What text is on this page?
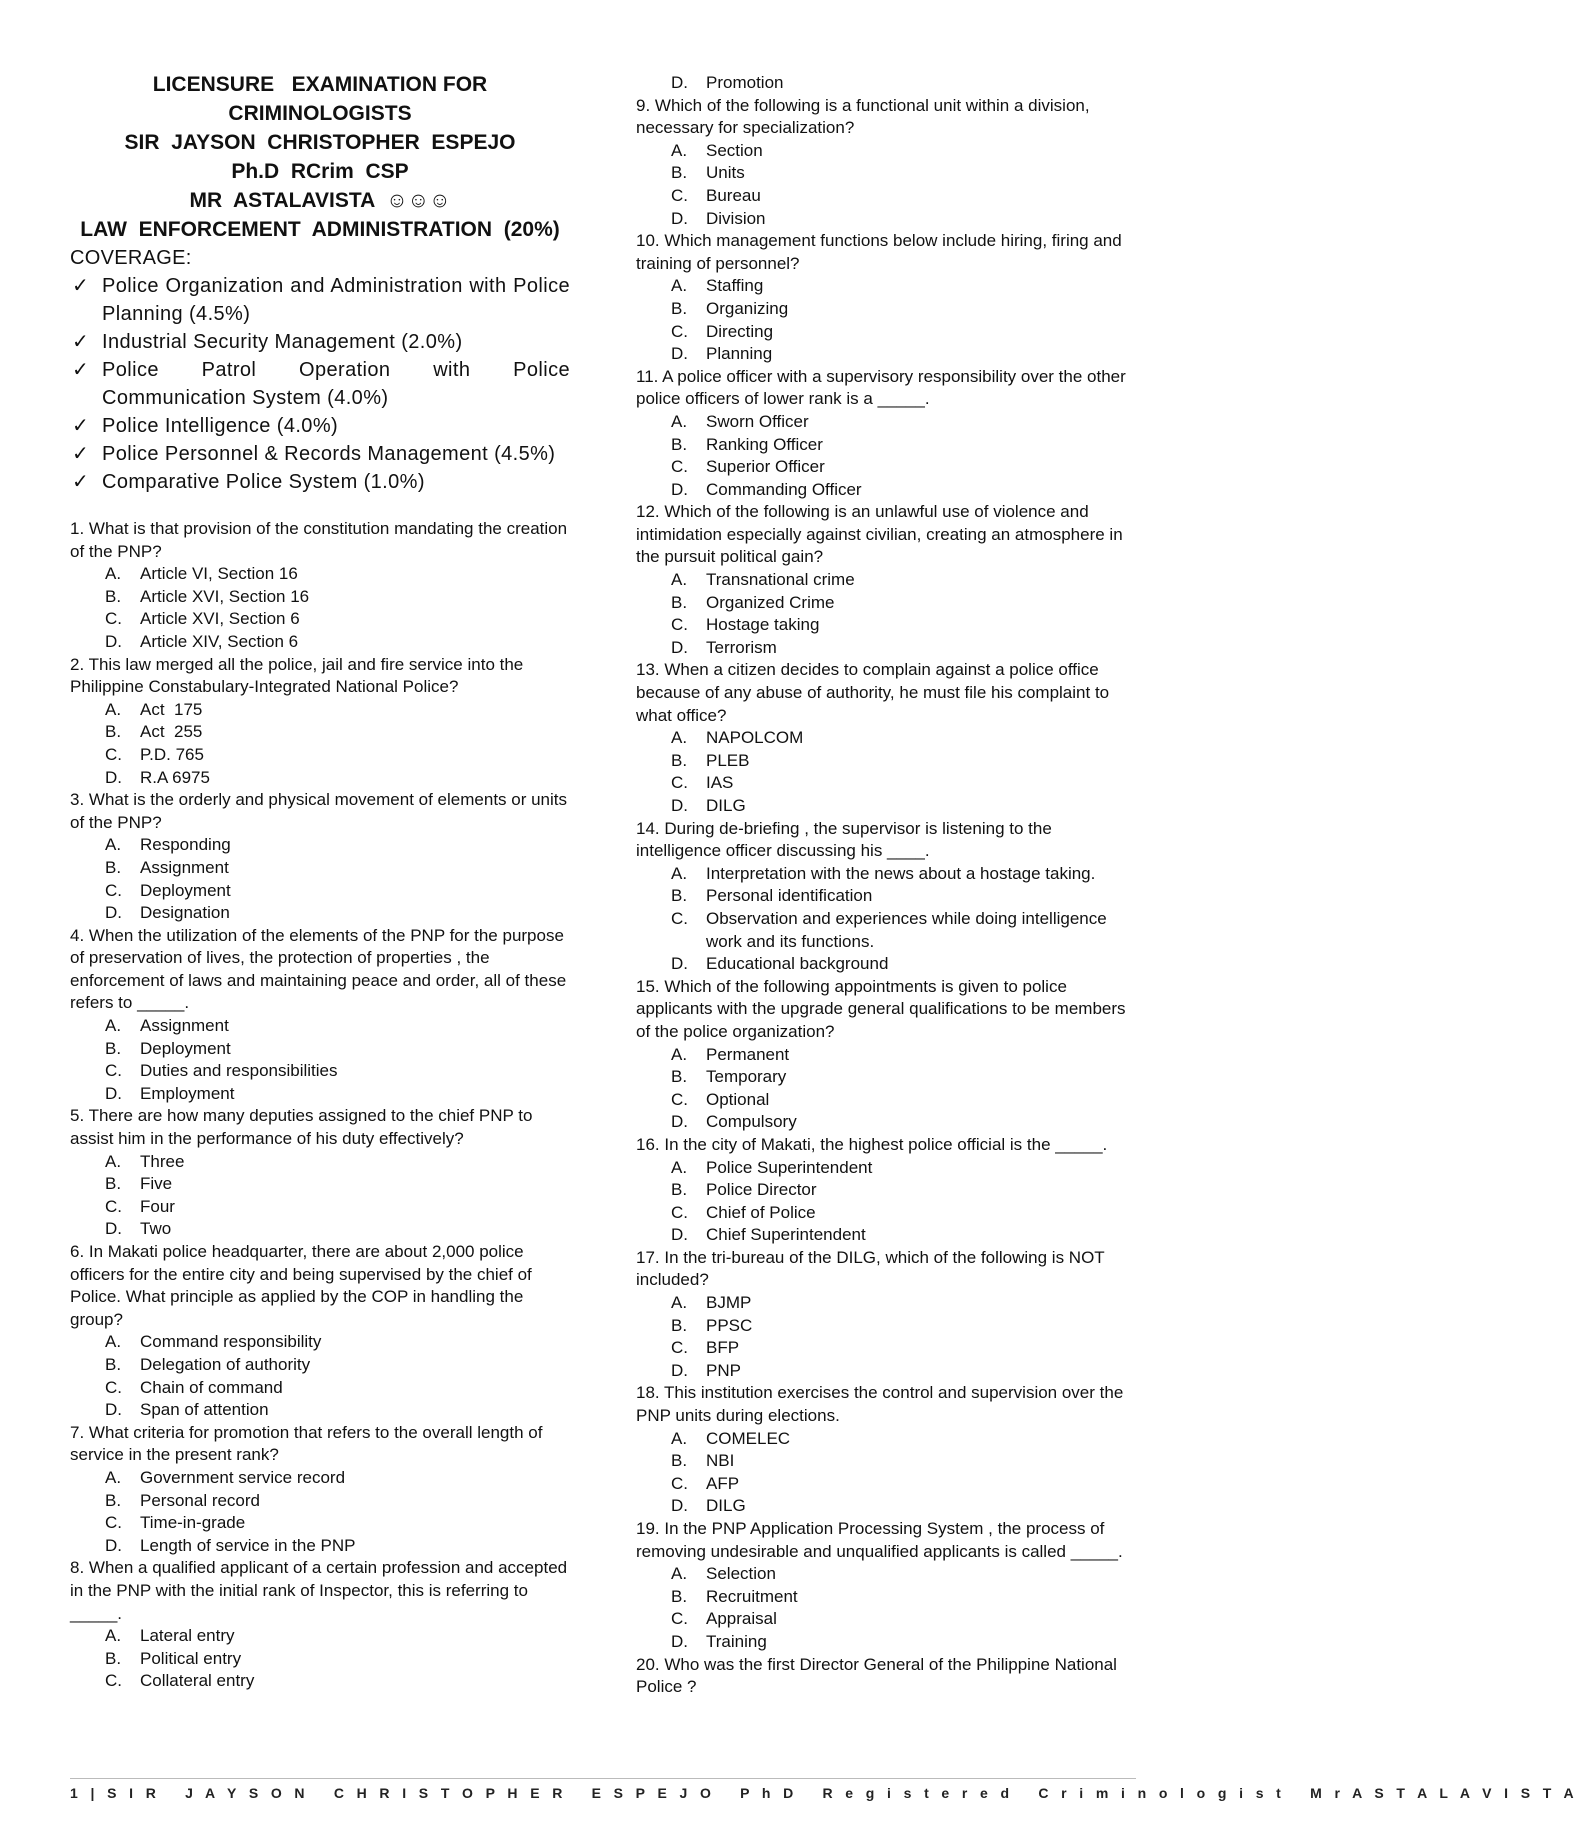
LICENSURE   EXAMINATION FOR
CRIMINOLOGISTS
SIR  JAYSON  CHRISTOPHER  ESPEJO
Ph.D  RCrim  CSP
MR  ASTALAVISTA  ☺☺☺
LAW  ENFORCEMENT  ADMINISTRATION  (20%)
COVERAGE:
✓ Police Organization and Administration with Police Planning (4.5%)
✓ Industrial Security Management (2.0%)
✓ Police Patrol Operation with Police Communication System (4.0%)
✓ Police Intelligence (4.0%)
✓ Police Personnel & Records Management (4.5%)
✓ Comparative Police System (1.0%)
1. What is that provision of the constitution mandating the creation of the PNP?
A. Article VI, Section 16
B. Article XVI, Section 16
C. Article XVI, Section 6
D. Article XIV, Section 6
2. This law merged all the police, jail and fire service into the Philippine Constabulary-Integrated National Police?
A. Act  175
B. Act  255
C. P.D. 765
D. R.A 6975
3. What is the orderly and physical movement of elements or units of the PNP?
A. Responding
B. Assignment
C. Deployment
D. Designation
4. When the utilization of the elements of the PNP for the purpose of preservation of lives, the protection of properties , the enforcement of laws and maintaining peace and order, all of these refers to _____.
A. Assignment
B. Deployment
C. Duties and responsibilities
D. Employment
5. There are how many deputies assigned to the chief PNP to assist him in the performance of his duty effectively?
A. Three
B. Five
C. Four
D. Two
6. In Makati police headquarter, there are about 2,000 police officers for the entire city and being supervised by the chief of Police. What principle as applied by the COP in handling the group?
A. Command responsibility
B. Delegation of authority
C. Chain of command
D. Span of attention
7. What criteria for promotion that refers to the overall length of service in the present rank?
A. Government service record
B. Personal record
C. Time-in-grade
D. Length of service in the PNP
8. When a qualified applicant of a certain profession and accepted in the PNP with the initial rank of Inspector, this is referring to _____.
A. Lateral entry
B. Political entry
C. Collateral entry
D. Promotion
9. Which of the following is a functional unit within a division, necessary for specialization?
A. Section
B. Units
C. Bureau
D. Division
10. Which management functions below include hiring, firing and training of personnel?
A. Staffing
B. Organizing
C. Directing
D. Planning
11. A police officer with a supervisory responsibility over the other police officers of lower rank is a _____.
A. Sworn Officer
B. Ranking Officer
C. Superior Officer
D. Commanding Officer
12. Which of the following is an unlawful use of violence and intimidation especially against civilian, creating an atmosphere in the pursuit political gain?
A. Transnational crime
B. Organized Crime
C. Hostage taking
D. Terrorism
13. When a citizen decides to complain against a police office because of any abuse of authority, he must file his complaint to what office?
A. NAPOLCOM
B. PLEB
C. IAS
D. DILG
14. During de-briefing , the supervisor is listening to the intelligence officer discussing his ____.
A. Interpretation with the news about a hostage taking.
B. Personal identification
C. Observation and experiences while doing intelligence work and its functions.
D. Educational background
15. Which of the following appointments is given to police applicants with the upgrade general qualifications to be members of the police organization?
A. Permanent
B. Temporary
C. Optional
D. Compulsory
16. In the city of Makati, the highest police official is the _____.
A. Police Superintendent
B. Police Director
C. Chief of Police
D. Chief Superintendent
17. In the tri-bureau of the DILG, which of the following is NOT included?
A. BJMP
B. PPSC
C. BFP
D. PNP
18. This institution exercises the control and supervision over the PNP units during elections.
A. COMELEC
B. NBI
C. AFP
D. DILG
19. In the PNP Application Processing System , the process of removing undesirable and unqualified applicants is called _____.
A. Selection
B. Recruitment
C. Appraisal
D. Training
20. Who was the first Director General of the Philippine National Police ?
1 | S I R   J A Y S O N   C H R I S T O P H E R   E S P E J O   P h D   R e g i s t e r e d   C r i m i n o l o g i s t   M r A S T A L A V I S T A
